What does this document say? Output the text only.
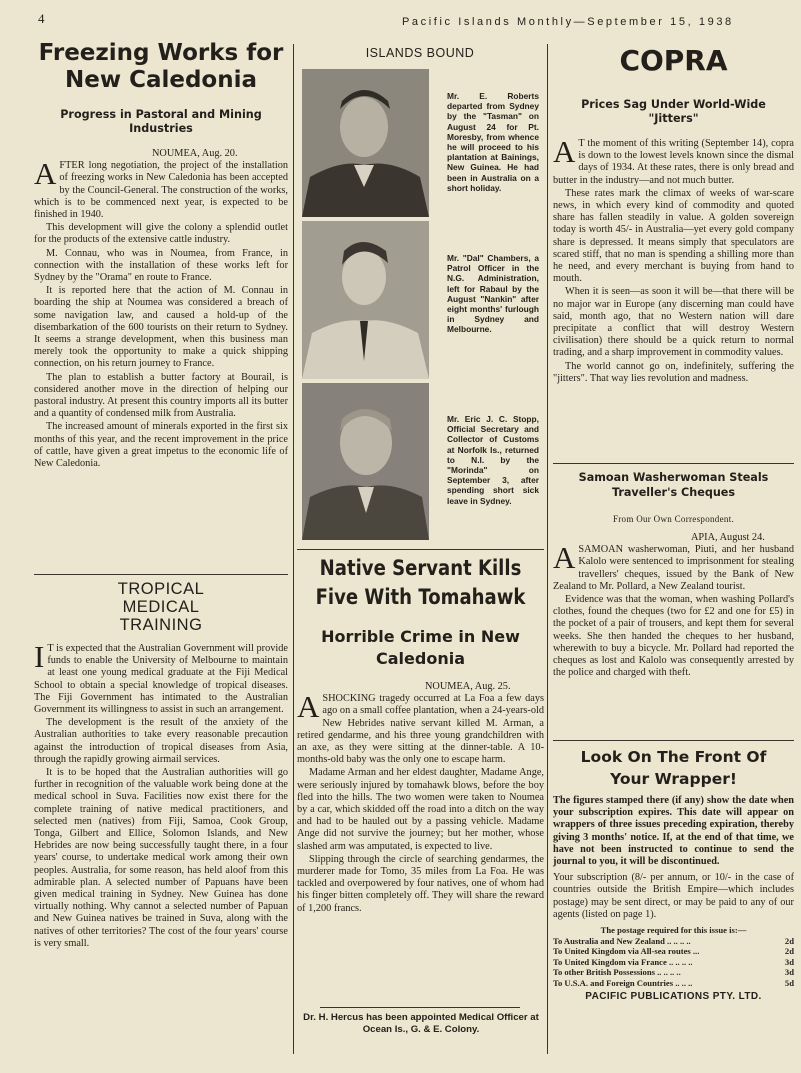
4	Pacific Islands Monthly—September 15, 1938
Freezing Works for New Caledonia
Progress in Pastoral and Mining Industries
NOUMEA, Aug. 20.

AFTER long negotiation, the project of the installation of freezing works in New Caledonia has been accepted by the Council-General. The construction of the works, which is to be commenced next year, is expected to be finished in 1940.

This development will give the colony a splendid outlet for the products of the extensive cattle industry.

M. Connau, who was in Noumea, from France, in connection with the installation of these works left for Sydney by the "Orama" en route to France.

It is reported here that the action of M. Connau in boarding the ship at Noumea was considered a breach of some navigation law, and caused a hold-up of the disembarkation of the 600 tourists on their return to Sydney. It seems a strange development, when this business man merely took the opportunity to make a quick shipping connection, on his return journey to France.

The plan to establish a butter factory at Bourail, is considered another move in the direction of helping our pastoral industry. At present this country imports all its butter and a quantity of condensed milk from Australia.

The increased amount of minerals exported in the first six months of this year, and the recent improvement in the price of cattle, have given a great impetus to the economic life of New Caledonia.

TROPICAL MEDICAL TRAINING

I T is expected that the Australian Government will provide funds to enable the University of Melbourne to maintain at least one young medical graduate at the Fiji Medical School to obtain a special knowledge of tropical diseases. The Fiji Government has intimated to the Australian Government its willingness to assist in such an arrangement.

The development is the result of the anxiety of the Australian authorities to take every reasonable precaution against the introduction of tropical diseases from Asia, through the rapidly growing airmail services.

It is to be hoped that the Australian authorities will go further in recognition of the valuable work being done at the medical school in Suva. Facilities now exist there for the complete training of native medical practitioners, and selected men (natives) from Fiji, Samoa, Cook Group, Tonga, Gilbert and Ellice, Solomon Islands, and New Hebrides are now being successfully taught there, in a four years' course, to undertake medical work among their own peoples. Australia, for some reason, has held aloof from this admirable plan. A selected number of Papuans have been given medical training in Sydney. New Guinea has done virtually nothing. Why cannot a selected number of Papuan and New Guinea natives be trained in Suva, along with the natives of other territories? The cost of the four years' course is very small.

ISLANDS BOUND

Mr. E. Roberts departed from Sydney by the "Tasman" on August 24 for Pt. Moresby, from whence he will proceed to his plantation at Bainings, New Guinea. He had been in Australia on a short holiday.

Mr. "Dal" Chambers, a Patrol Officer in the N.G. Administration, left for Rabaul by the August "Nankin" after eight months' furlough in Sydney and Melbourne.

Mr. Eric J. C. Stopp, Official Secretary and Collector of Customs at Norfolk Is., returned to N.I. by the "Morinda" on September 3, after spending short sick leave in Sydney.

Native Servant Kills Five With Tomahawk
Horrible Crime in New Caledonia
NOUMEA, Aug. 25.

ASHOCKING tragedy occurred at La Foa a few days ago on a small coffee plantation, when a 24-years-old New Hebrides native servant killed M. Arman, a retired gendarme, and his three young grandchildren with an axe, as they were sitting at the dinner-table. A 10-months-old baby was the only one to escape harm.

Madame Arman and her eldest daughter, Madame Ange, were seriously injured by tomahawk blows, before the boy fled into the hills. The two women were taken to Noumea by a car, which skidded off the road into a ditch on the way and had to be hauled out by a passing vehicle. Madame Ange did not survive the journey; but her mother, whose slashed arm was amputated, is expected to live.

Slipping through the circle of searching gendarmes, the murderer made for Tomo, 35 miles from La Foa. He was tackled and overpowered by four natives, one of whom had his finger bitten completely off. They will share the reward of 1,200 francs.

Dr. H. Hercus has been appointed Medical Officer at Ocean Is., G. & E. Colony.
COPRA
Prices Sag Under World-Wide "Jitters"

A T the moment of this writing (September 14), copra is down to the lowest levels known since the dismal days of 1934. At these rates, there is only bread and butter in the industry—and not much butter.

These rates mark the climax of weeks of war-scare news, in which every kind of commodity and quoted share has fallen steadily in value. A golden sovereign today is worth 45/- in Australia—yet every gold company share is depressed. It means simply that speculators are scared stiff, that no man is spending a shilling more than he need, and every merchant is buying from hand to mouth.

When it is seen—as soon it will be—that there will be no major war in Europe (any discerning man could have said, month ago, that no Western nation will dare precipitate a conflict that will destroy Western civilisation) there should be a quick return to normal trading, and a sharp improvement in commodity values.

The world cannot go on, indefinitely, suffering the "jitters". That way lies revolution and madness.

Samoan Washerwoman Steals Traveller's Cheques
From Our Own Correspondent.
APIA, August 24.

ASAMOAN washerwoman, Piuti, and her husband Kalolo were sentenced to imprisonment for stealing travellers' cheques, issued by the Bank of New Zealand to Mr. Pollard, a New Zealand tourist.

Evidence was that the woman, when washing Pollard's clothes, found the cheques (two for £2 and one for £5) in the pocket of a pair of trousers, and kept them for several weeks. She then handed the cheques to her husband, wherewith to buy a bicycle. Mr. Pollard had reported the cheques as lost and Kalolo was consequently arrested by the police and charged with theft.

Look On The Front Of Your Wrapper!
The figures stamped there (if any) show the date when your subscription expires. This date will appear on wrappers of three issues preceding expiration, thereby giving 3 months' notice. If, at the end of that time, we have not been instructed to continue to send the journal to you, it will be discontinued.
Your subscription (8/- per annum, or 10/- in the case of countries outside the British Empire—which includes postage) may be sent direct, or may be paid to any of our agents (listed on page 1).
The postage required for this issue is:—
To Australia and New Zealand .. .. .. ..	2d
To United Kingdom via All-sea routes ...	2d
To United Kingdom via France .. .. .. ..	3d
To other British Possessions .. .. .. ..	3d
To U.S.A. and Foreign Countries .. .. ..	5d
PACIFIC PUBLICATIONS PTY. LTD.
